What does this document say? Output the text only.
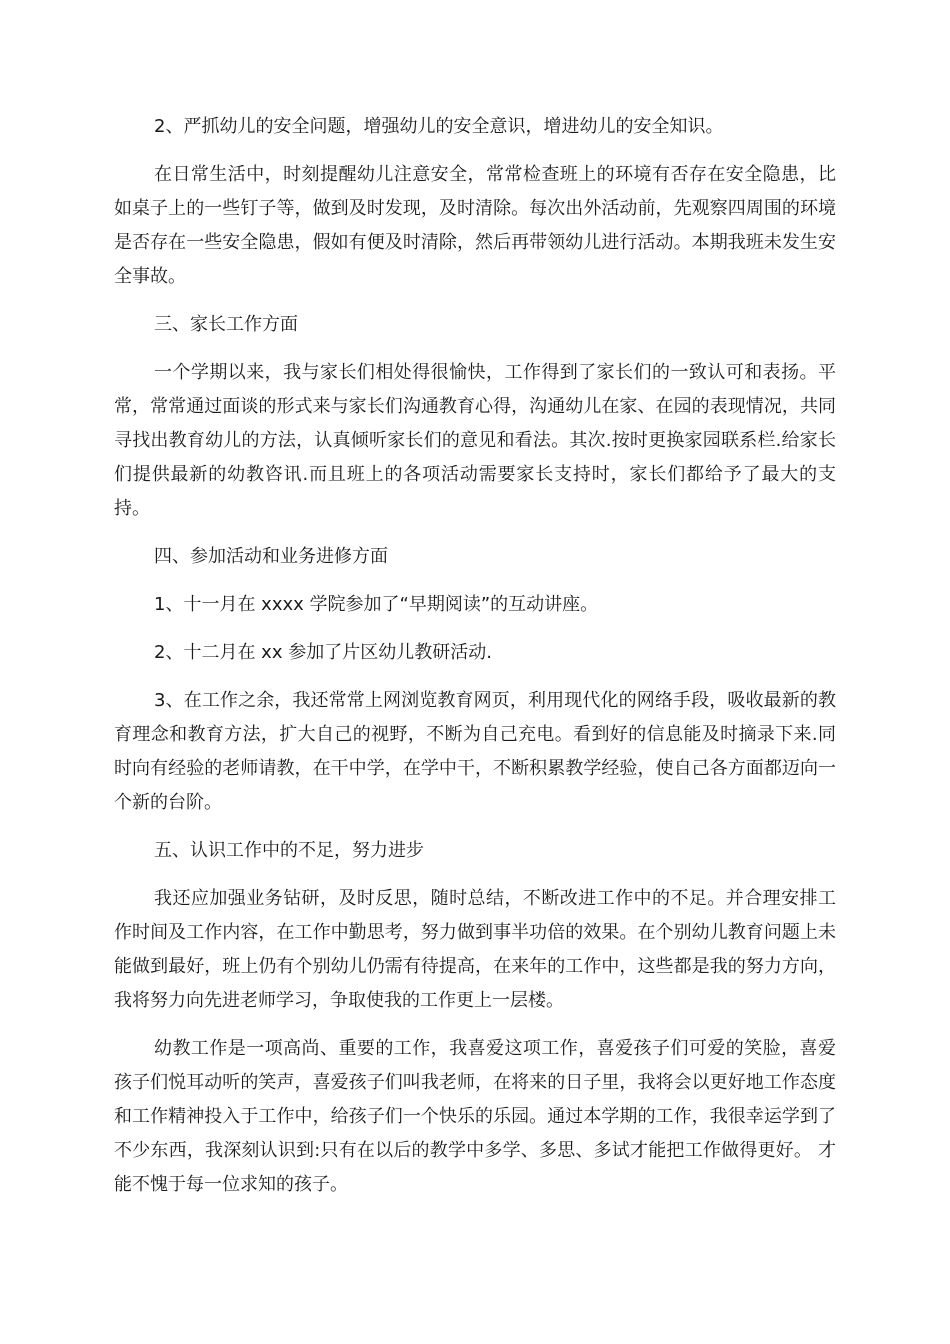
2、严抓幼儿的安全问题，增强幼儿的安全意识，增进幼儿的安全知识。

在日常生活中，时刻提醒幼儿注意安全，常常检查班上的环境有否存在安全隐患，比如桌子上的一些钉子等，做到及时发现，及时清除。每次出外活动前，先观察四周围的环境是否存在一些安全隐患，假如有便及时清除，然后再带领幼儿进行活动。本期我班未发生安全事故。

三、家长工作方面

一个学期以来，我与家长们相处得很愉快，工作得到了家长们的一致认可和表扬。平常，常常通过面谈的形式来与家长们沟通教育心得，沟通幼儿在家、在园的表现情况，共同寻找出教育幼儿的方法，认真倾听家长们的意见和看法。其次.按时更换家园联系栏.给家长们提供最新的幼教咨讯.而且班上的各项活动需要家长支持时，家长们都给予了最大的支持。

四、参加活动和业务进修方面

1、十一月在 xxxx 学院参加了“早期阅读”的互动讲座。

2、十二月在 xx 参加了片区幼儿教研活动.

3、在工作之余，我还常常上网浏览教育网页，利用现代化的网络手段，吸收最新的教育理念和教育方法，扩大自己的视野，不断为自己充电。看到好的信息能及时摘录下来.同时向有经验的老师请教，在干中学，在学中干，不断积累教学经验，使自己各方面都迈向一个新的台阶。

五、认识工作中的不足，努力进步

我还应加强业务钻研，及时反思，随时总结，不断改进工作中的不足。并合理安排工作时间及工作内容，在工作中勤思考，努力做到事半功倍的效果。在个别幼儿教育问题上未能做到最好，班上仍有个别幼儿仍需有待提高，在来年的工作中，这些都是我的努力方向，我将努力向先进老师学习，争取使我的工作更上一层楼。

幼教工作是一项高尚、重要的工作，我喜爱这项工作，喜爱孩子们可爱的笑脸，喜爱孩子们悦耳动听的笑声，喜爱孩子们叫我老师，在将来的日子里，我将会以更好地工作态度和工作精神投入于工作中，给孩子们一个快乐的乐园。通过本学期的工作，我很幸运学到了不少东西，我深刻认识到:只有在以后的教学中多学、多思、多试才能把工作做得更好。 才能不愧于每一位求知的孩子。
